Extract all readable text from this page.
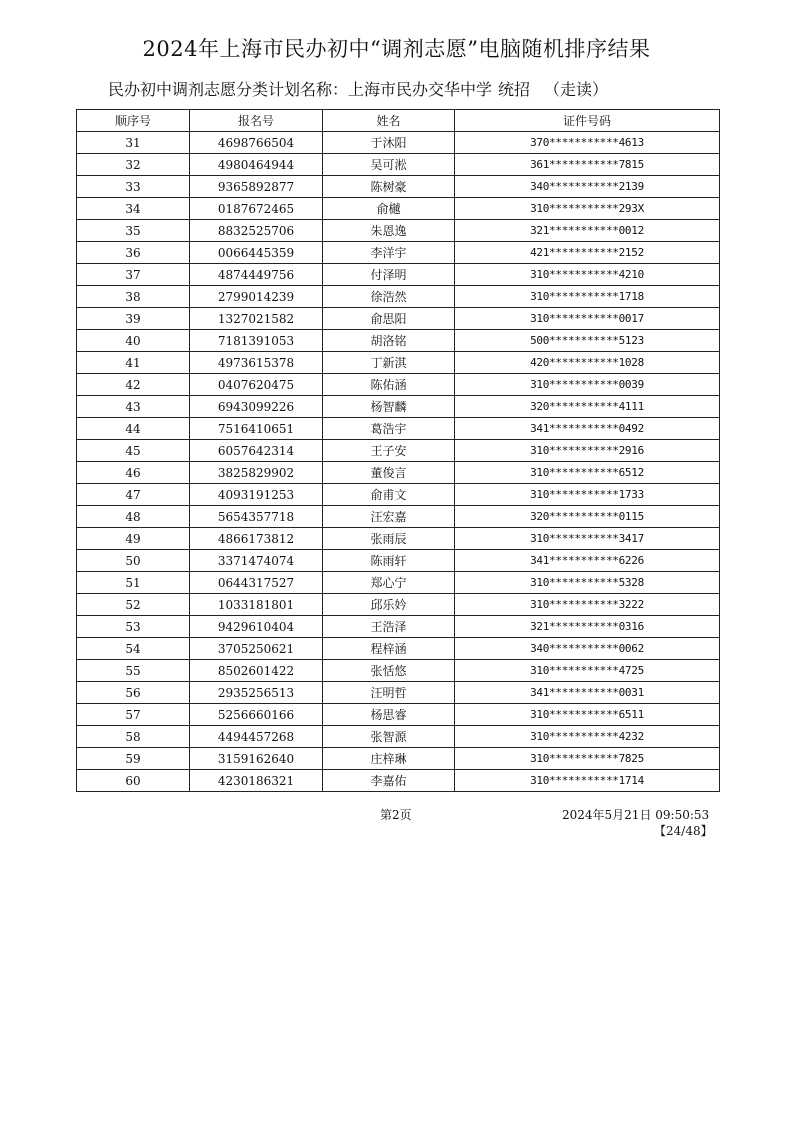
2024年上海市民办初中“调剂志愿”电脑随机排序结果
民办初中调剂志愿分类计划名称：上海市民办交华中学 统招 （走读）
顺序号	报名号	姓名	证件号码
31	4698766504	于沐阳	370***********4613
32	4980464944	吴可淞	361***********7815
33	9365892877	陈树豪	340***********2139
34	0187672465	俞樾	310***********293X
35	8832525706	朱恩逸	321***********0012
36	0066445359	李洋宇	421***********2152
37	4874449756	付泽明	310***********4210
38	2799014239	徐浩然	310***********1718
39	1327021582	俞思阳	310***********0017
40	7181391053	胡洛铭	500***********5123
41	4973615378	丁新淇	420***********1028
42	0407620475	陈佑涵	310***********0039
43	6943099226	杨智麟	320***********4111
44	7516410651	葛浩宇	341***********0492
45	6057642314	王子安	310***********2916
46	3825829902	董俊言	310***********6512
47	4093191253	俞甫文	310***********1733
48	5654357718	汪宏嘉	320***********0115
49	4866173812	张雨辰	310***********3417
50	3371474074	陈雨轩	341***********6226
51	0644317527	郑心宁	310***********5328
52	1033181801	邱乐妗	310***********3222
53	9429610404	王浩泽	321***********0316
54	3705250621	程梓涵	340***********0062
55	8502601422	张恬悠	310***********4725
56	2935256513	汪明哲	341***********0031
57	5256660166	杨思睿	310***********6511
58	4494457268	张智源	310***********4232
59	3159162640	庄梓琳	310***********7825
60	4230186321	李嘉佑	310***********1714
第2页	2024年5月21日 09:50:53
【24/48】
